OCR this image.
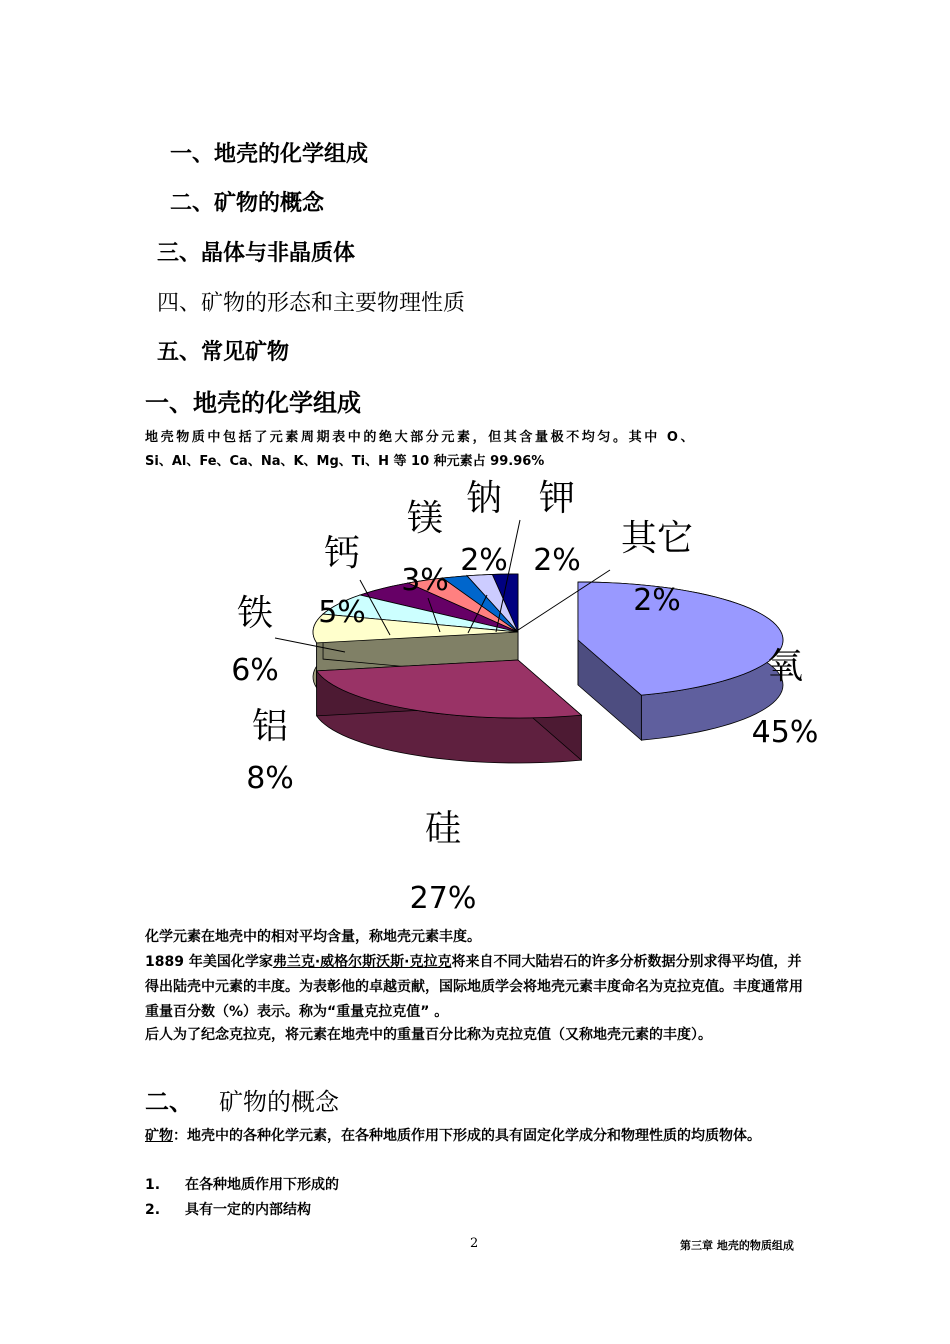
一、地壳的化学组成
二、矿物的概念
三、晶体与非晶质体
四、矿物的形态和主要物理性质
五、常见矿物
一、地壳的化学组成
地壳物质中包括了元素周期表中的绝大部分元素，但其含量极不均匀。其中 O、
Si、Al、Fe、Ca、Na、K、Mg、Ti、H 等 10 种元素占 99.96%
氧
45%
硅
27%
铝
8%
铁
6%
钙
5%
镁
3%
钠
2%
钾
2%
其它
2%
化学元素在地壳中的相对平均含量，称地壳元素丰度。
1889 年美国化学家弗兰克·威格尔斯沃斯·克拉克将来自不同大陆岩石的许多分析数据分别求得平均值，并得出陆壳中元素的丰度。为表彰他的卓越贡献，国际地质学会将地壳元素丰度命名为克拉克值。丰度通常用重量百分数（%）表示。称为“重量克拉克值” 。
后人为了纪念克拉克，将元素在地壳中的重量百分比称为克拉克值（又称地壳元素的丰度）。
二、 矿物的概念
矿物：地壳中的各种化学元素，在各种地质作用下形成的具有固定化学成分和物理性质的均质物体。
1. 在各种地质作用下形成的
2. 具有一定的内部结构
2	第三章 地壳的物质组成
